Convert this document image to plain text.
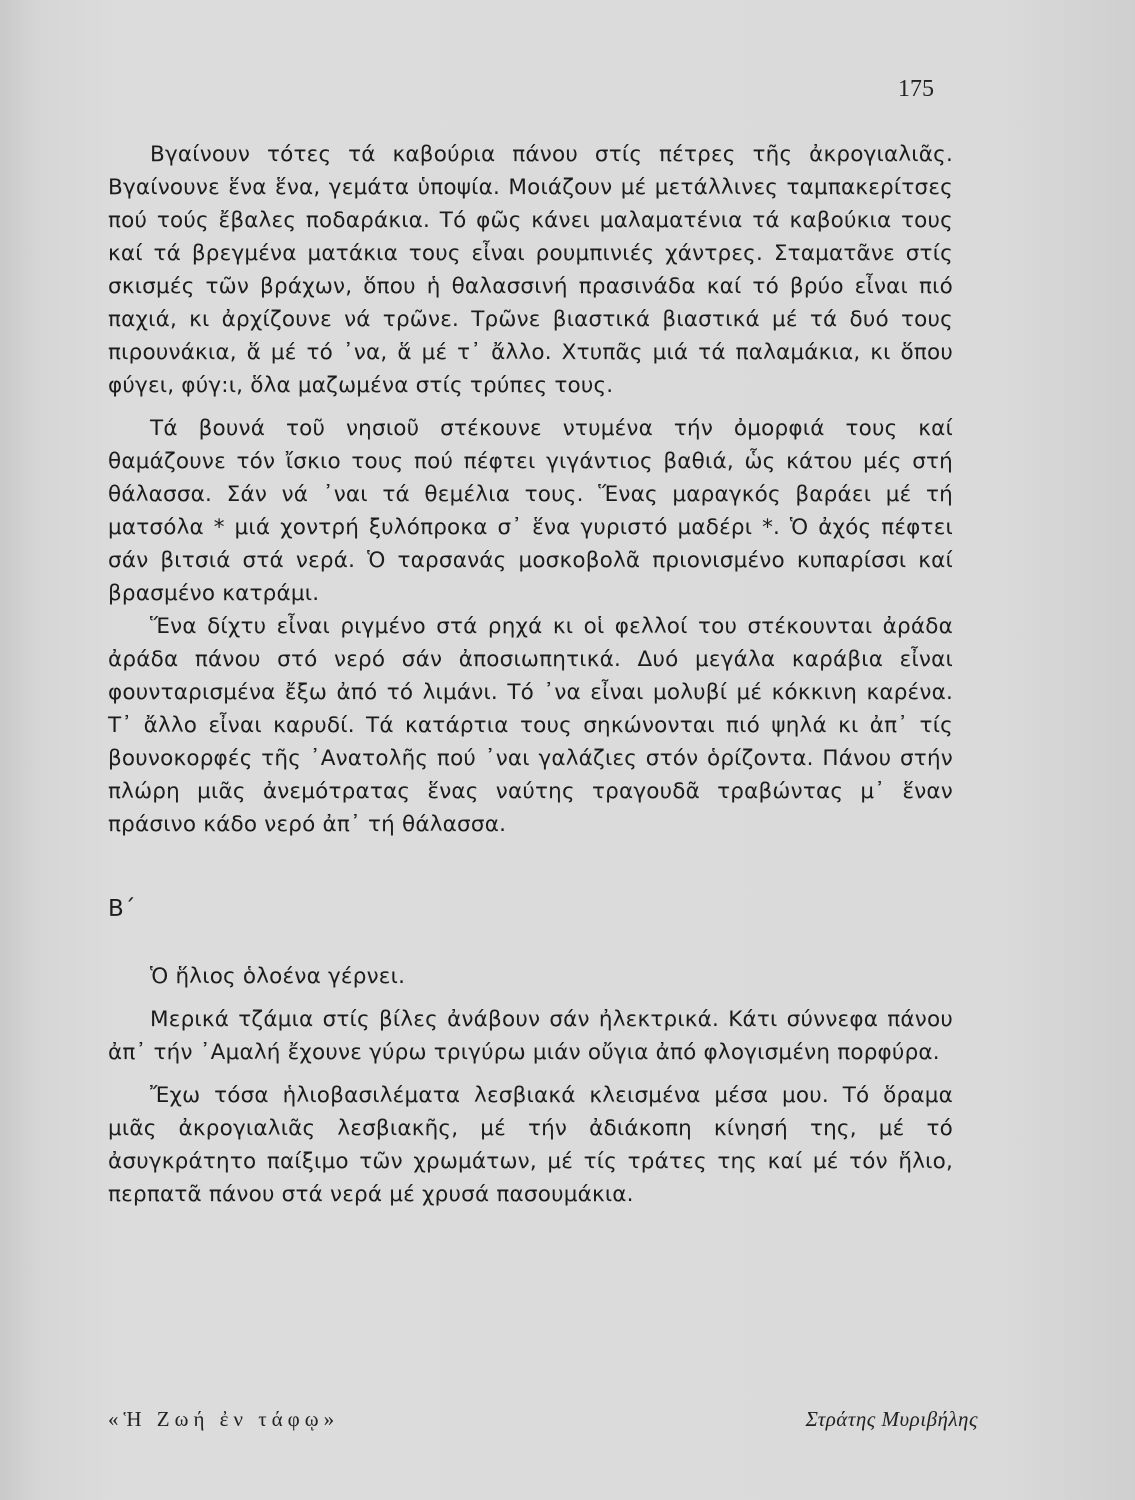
175

Βγαίνουν τότες τά καβούρια πάνου στίς πέτρες τῆς ἀκρογιαλιᾶς. Βγαίνουνε ἕνα ἕνα, γεμάτα ὑποψία. Μοιάζουν μέ μετάλλινες ταμπακερίτσες πού τούς ἔβαλες ποδαράκια. Τό φῶς κάνει μαλαματένια τά καβούκια τους καί τά βρεγμένα ματάκια τους εἶναι ρουμπινιές χάντρες. Σταματᾶνε στίς σκισμές τῶν βράχων, ὅπου ἡ θαλασσινή πρασινάδα καί τό βρύο εἶναι πιό παχιά, κι ἀρχίζουνε νά τρῶνε. Τρῶνε βιαστικά βιαστικά μέ τά δυό τους πιρουνάκια, ἅ μέ τό ᾿να, ἅ μέ τ᾿ ἄλλο. Χτυπᾶς μιά τά παλαμάκια, κι ὅπου φύγει, φύγ:ι, ὅλα μαζωμένα στίς τρύπες τους.

Τά βουνά τοῦ νησιοῦ στέκουνε ντυμένα τήν ὀμορφιά τους καί θαμάζουνε τόν ἴσκιο τους πού πέφτει γιγάντιος βαθιά, ὧς κάτου μές στή θάλασσα. Σάν νά ᾿ναι τά θεμέλια τους. Ἕνας μαραγκός βαράει μέ τή ματσόλα * μιά χοντρή ξυλόπροκα σ᾿ ἕνα γυριστό μαδέρι *. Ὁ ἀχός πέφτει σάν βιτσιά στά νερά. Ὁ ταρσανάς μοσκοβολᾶ πριονισμένο κυπαρίσσι καί βρασμένο κατράμι.

Ἕνα δίχτυ εἶναι ριγμένο στά ρηχά κι οἱ φελλοί του στέκουνται ἀράδα ἀράδα πάνου στό νερό σάν ἀποσιωπητικά. Δυό μεγάλα καράβια εἶναι φουνταρισμένα ἔξω ἀπό τό λιμάνι. Τό ᾿να εἶναι μολυβί μέ κόκκινη καρένα. Τ᾿ ἄλλο εἶναι καρυδί. Τά κατάρτια τους σηκώνονται πιό ψηλά κι ἀπ᾿ τίς βουνοκορφές τῆς ᾿Ανατολῆς πού ᾿ναι γαλάζιες στόν ὁρίζοντα. Πάνου στήν πλώρη μιᾶς ἀνεμότρατας ἕνας ναύτης τραγουδᾶ τραβώντας μ᾿ ἕναν πράσινο κάδο νερό ἀπ᾿ τή θάλασσα.

Β΄

Ὁ ἥλιος ὁλοένα γέρνει.

Μερικά τζάμια στίς βίλες ἀνάβουν σάν ἠλεκτρικά. Κάτι σύννεφα πάνου ἀπ᾿ τήν ᾿Αμαλή ἔχουνε γύρω τριγύρω μιάν οὔγια ἀπό φλογισμένη πορφύρα.

Ἔχω τόσα ἡλιοβασιλέματα λεσβιακά κλεισμένα μέσα μου. Τό ὅραμα μιᾶς ἀκρογιαλιᾶς λεσβιακῆς, μέ τήν ἀδιάκοπη κίνησή της, μέ τό ἀσυγκράτητο παίξιμο τῶν χρωμάτων, μέ τίς τράτες της καί μέ τόν ἥλιο, περπατᾶ πάνου στά νερά μέ χρυσά πασουμάκια.

«Ἡ Ζωή ἐν τάφῳ»	Στράτης Μυριβήλης
